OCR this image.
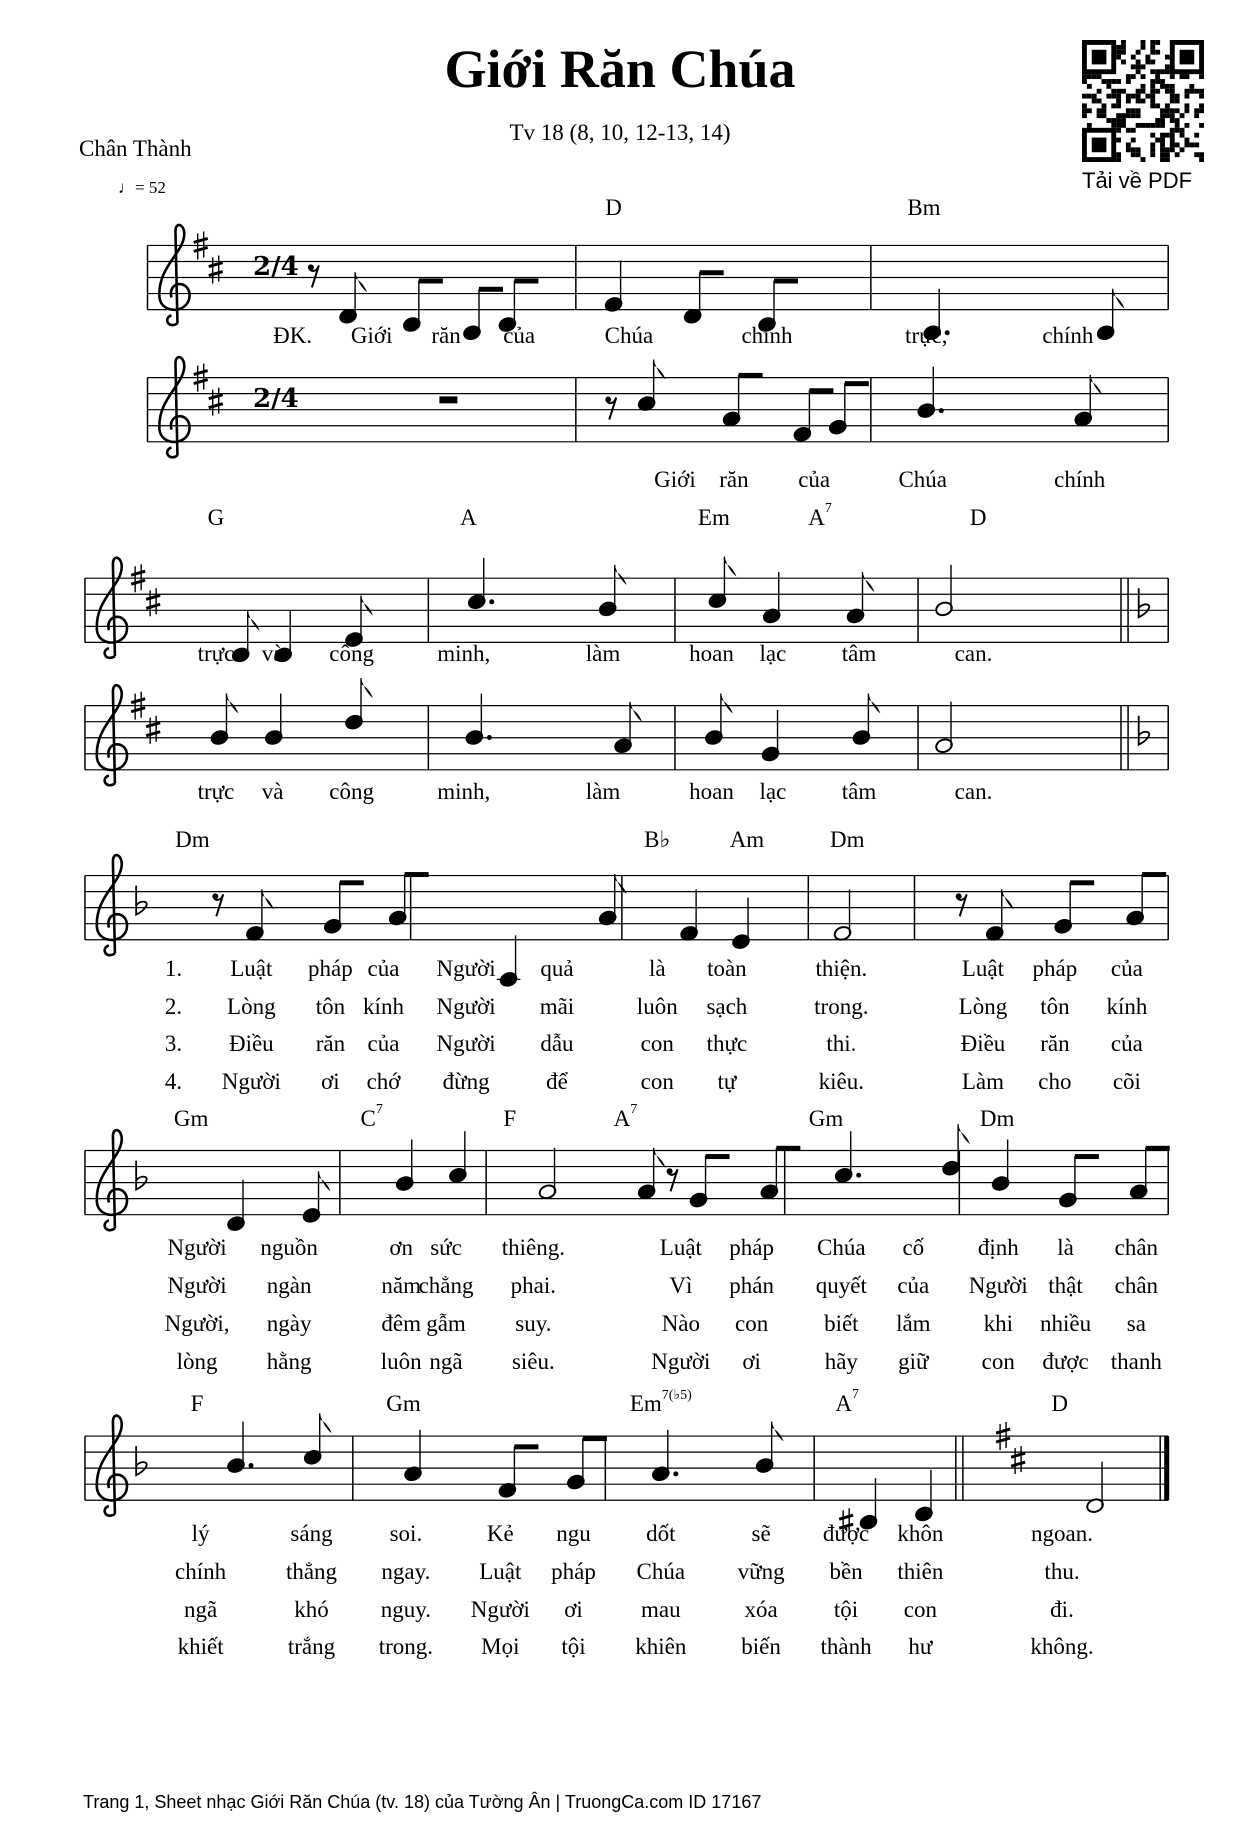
Giới Răn Chúa
Tv 18 (8, 10, 12-13, 14)
Chân Thành
♩= 52
2/4
2/4
Tải về PDF
D	Bm
ĐK. Giới răn của	Chúa	chính	trực,	chính
Giới răn của	Chúa	chính
G	A	Em	$A^7$	D
trực và công	minh,	làm	hoan lạc tâm	can.
trực và công	minh,	làm	hoan lạc tâm	can.
Dm	B♭	Am	Dm
1. Luật pháp của Người quả	là toàn	thiện.	Luật pháp của
2. Lòng tôn kính Người mãi	luôn sạch	trong.	Lòng tôn kính
3. Điều răn của Người dẫu	con thực	thi.	Điều răn của
4. Người ơi chớ đừng để	con tự	kiêu.	Làm cho cõi
Gm	$C^7$	F	$A^7$	Gm	Dm
Người nguồn	ơn sức thiêng.	Luật pháp Chúa cố định là chân
Người ngàn	năm
chẳng phai.	Vì phán quyết của Người thật chân
Người, ngày	đêm gẫm suy.	Nào con biết lắm khi nhiều sa
lòng hằng	luôn ngã siêu.	Người ơi	hãy giữ con được thanh
F	Gm	$Em^{7(♭5)}$	$A^7$	D
lý	sáng soi.	Kẻ ngu dốt	sẽ được khôn	ngoan.
chính	thẳng ngay. Luật pháp Chúa vững bền thiên	thu.
ngã	khó nguy. Người ơi	mau	xóa tội con	đi.
khiết	trắng trong. Mọi tội khiên biến thành hư	không.
Trang 1, Sheet nhạc Giới Răn Chúa (tv. 18) của Tường Ân | TruongCa.com ID 17167
